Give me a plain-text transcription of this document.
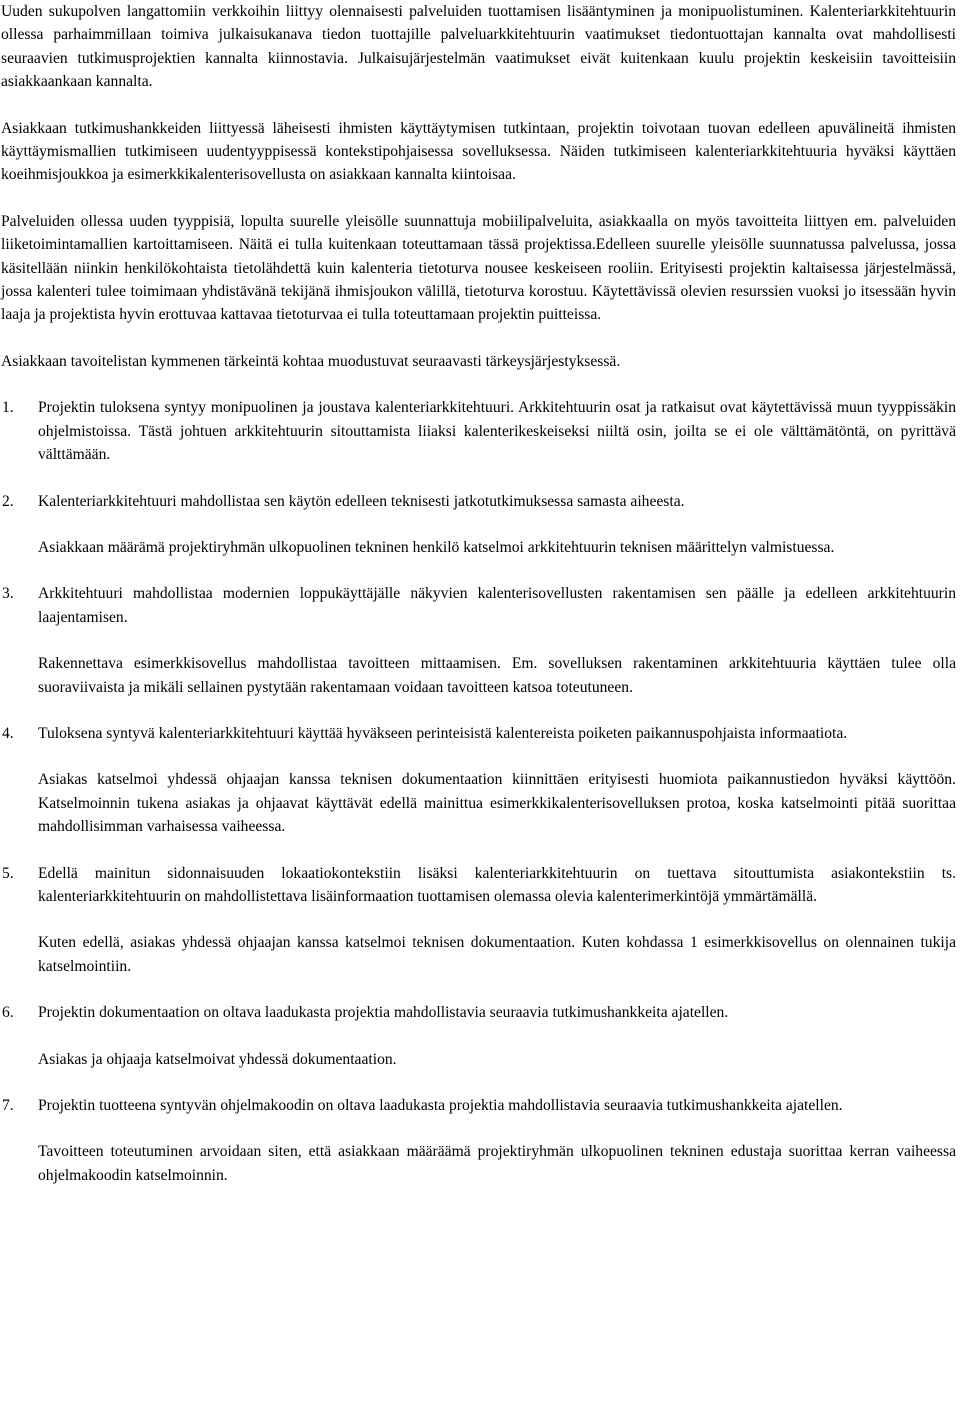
Uuden sukupolven langattomiin verkkoihin liittyy olennaisesti palveluiden tuottamisen lisääntyminen ja monipuolistuminen. Kalenteriarkkitehtuurin ollessa parhaimmillaan toimiva julkaisukanava tiedon tuottajille palveluarkkitehtuurin vaatimukset tiedontuottajan kannalta ovat mahdollisesti seuraavien tutkimusprojektien kannalta kiinnostavia. Julkaisujärjestelmän vaatimukset eivät kuitenkaan kuulu projektin keskeisiin tavoitteisiin asiakkaankaan kannalta.

Asiakkaan tutkimushankkeiden liittyessä läheisesti ihmisten käyttäytymisen tutkintaan, projektin toivotaan tuovan edelleen apuvälineitä ihmisten käyttäymismallien tutkimiseen uudentyyppisessä kontekstipohjaisessa sovelluksessa. Näiden tutkimiseen kalenteriarkkitehtuuria hyväksi käyttäen koeihmisjoukkoa ja esimerkkikalenterisovellusta on asiakkaan kannalta kiintoisaa.

Palveluiden ollessa uuden tyyppisiä, lopulta suurelle yleisölle suunnattuja mobiilipalveluita, asiakkaalla on myös tavoitteita liittyen em. palveluiden liiketoimintamallien kartoittamiseen. Näitä ei tulla kuitenkaan toteuttamaan tässä projektissa.Edelleen suurelle yleisölle suunnatussa palvelussa, jossa käsitellään niinkin henkilökohtaista tietolähdettä kuin kalenteria tietoturva nousee keskeiseen rooliin. Erityisesti projektin kaltaisessa järjestelmässä, jossa kalenteri tulee toimimaan yhdistävänä tekijänä ihmisjoukon välillä, tietoturva korostuu. Käytettävissä olevien resurssien vuoksi jo itsessään hyvin laaja ja projektista hyvin erottuvaa kattavaa tietoturvaa ei tulla toteuttamaan projektin puitteissa.

Asiakkaan tavoitelistan kymmenen tärkeintä kohtaa muodustuvat seuraavasti tärkeysjärjestyksessä.

1. Projektin tuloksena syntyy monipuolinen ja joustava kalenteriarkkitehtuuri. Arkkitehtuurin osat ja ratkaisut ovat käytettävissä muun tyyppissäkin ohjelmistoissa. Tästä johtuen arkkitehtuurin sitouttamista liiaksi kalenterikeskeiseksi niiltä osin, joilta se ei ole välttämätöntä, on pyrittävä välttämään.

2. Kalenteriarkkitehtuuri mahdollistaa sen käytön edelleen teknisesti jatkotutkimuksessa samasta aiheesta.

Asiakkaan määrämä projektiryhmän ulkopuolinen tekninen henkilö katselmoi arkkitehtuurin teknisen määrittelyn valmistuessa.

3. Arkkitehtuuri mahdollistaa modernien loppukäyttäjälle näkyvien kalenterisovellusten rakentamisen sen päälle ja edelleen arkkitehtuurin laajentamisen.

Rakennettava esimerkkisovellus mahdollistaa tavoitteen mittaamisen. Em. sovelluksen rakentaminen arkkitehtuuria käyttäen tulee olla suoraviivaista ja mikäli sellainen pystytään rakentamaan voidaan tavoitteen katsoa toteutuneen.

4. Tuloksena syntyvä kalenteriarkkitehtuuri käyttää hyväkseen perinteisistä kalentereista poiketen paikannuspohjaista informaatiota.

Asiakas katselmoi yhdessä ohjaajan kanssa teknisen dokumentaation kiinnittäen erityisesti huomiota paikannustiedon hyväksi käyttöön. Katselmoinnin tukena asiakas ja ohjaavat käyttävät edellä mainittua esimerkkikalenterisovelluksen protoa, koska katselmointi pitää suorittaa mahdollisimman varhaisessa vaiheessa.

5. Edellä mainitun sidonnaisuuden lokaatiokontekstiin lisäksi kalenteriarkkitehtuurin on tuettava sitouttumista asiakontekstiin ts. kalenteriarkkitehtuurin on mahdollistettava lisäinformaation tuottamisen olemassa olevia kalenterimerkintöjä ymmärtämällä.

Kuten edellä, asiakas yhdessä ohjaajan kanssa katselmoi teknisen dokumentaation. Kuten kohdassa 1 esimerkkisovellus on olennainen tukija katselmointiin.

6. Projektin dokumentaation on oltava laadukasta projektia mahdollistavia seuraavia tutkimushankkeita ajatellen.

Asiakas ja ohjaaja katselmoivat yhdessä dokumentaation.

7. Projektin tuotteena syntyvän ohjelmakoodin on oltava laadukasta projektia mahdollistavia seuraavia tutkimushankkeita ajatellen.

Tavoitteen toteutuminen arvoidaan siten, että asiakkaan määräämä projektiryhmän ulkopuolinen tekninen edustaja suorittaa kerran vaiheessa ohjelmakoodin katselmoinnin.
